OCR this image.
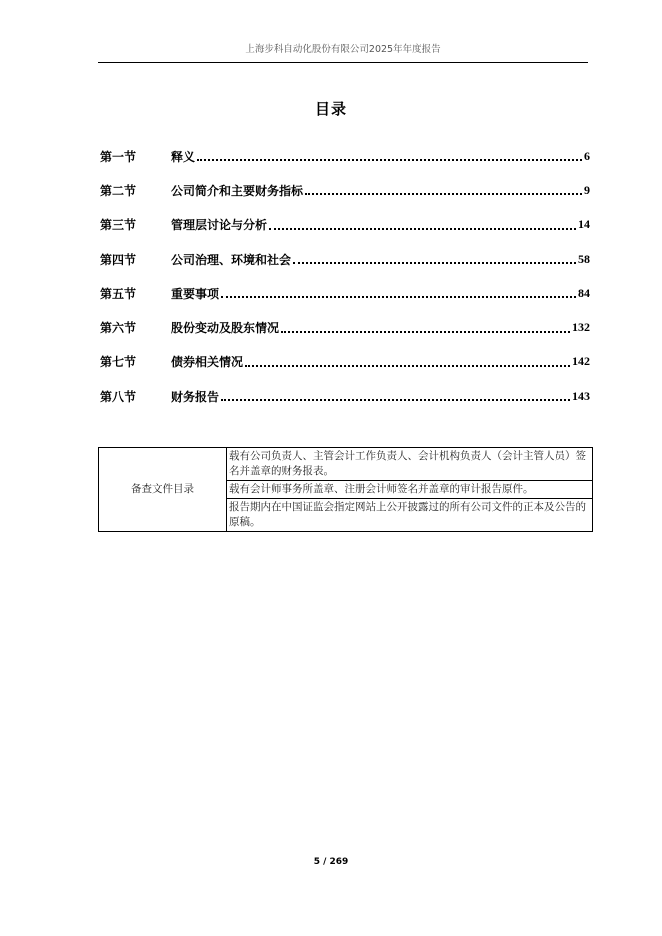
上海步科自动化股份有限公司2025年年度报告
目录
第一节	释义	6
第二节	公司简介和主要财务指标	9
第三节	管理层讨论与分析	14
第四节	公司治理、环境和社会	58
第五节	重要事项	84
第六节	股份变动及股东情况	132
第七节	债券相关情况	142
第八节	财务报告	143
备查文件目录	载有公司负责人、主管会计工作负责人、会计机构负责人（会计主管人员）签名并盖章的财务报表。
载有会计师事务所盖章、注册会计师签名并盖章的审计报告原件。
报告期内在中国证监会指定网站上公开披露过的所有公司文件的正本及公告的原稿。
5 / 269
